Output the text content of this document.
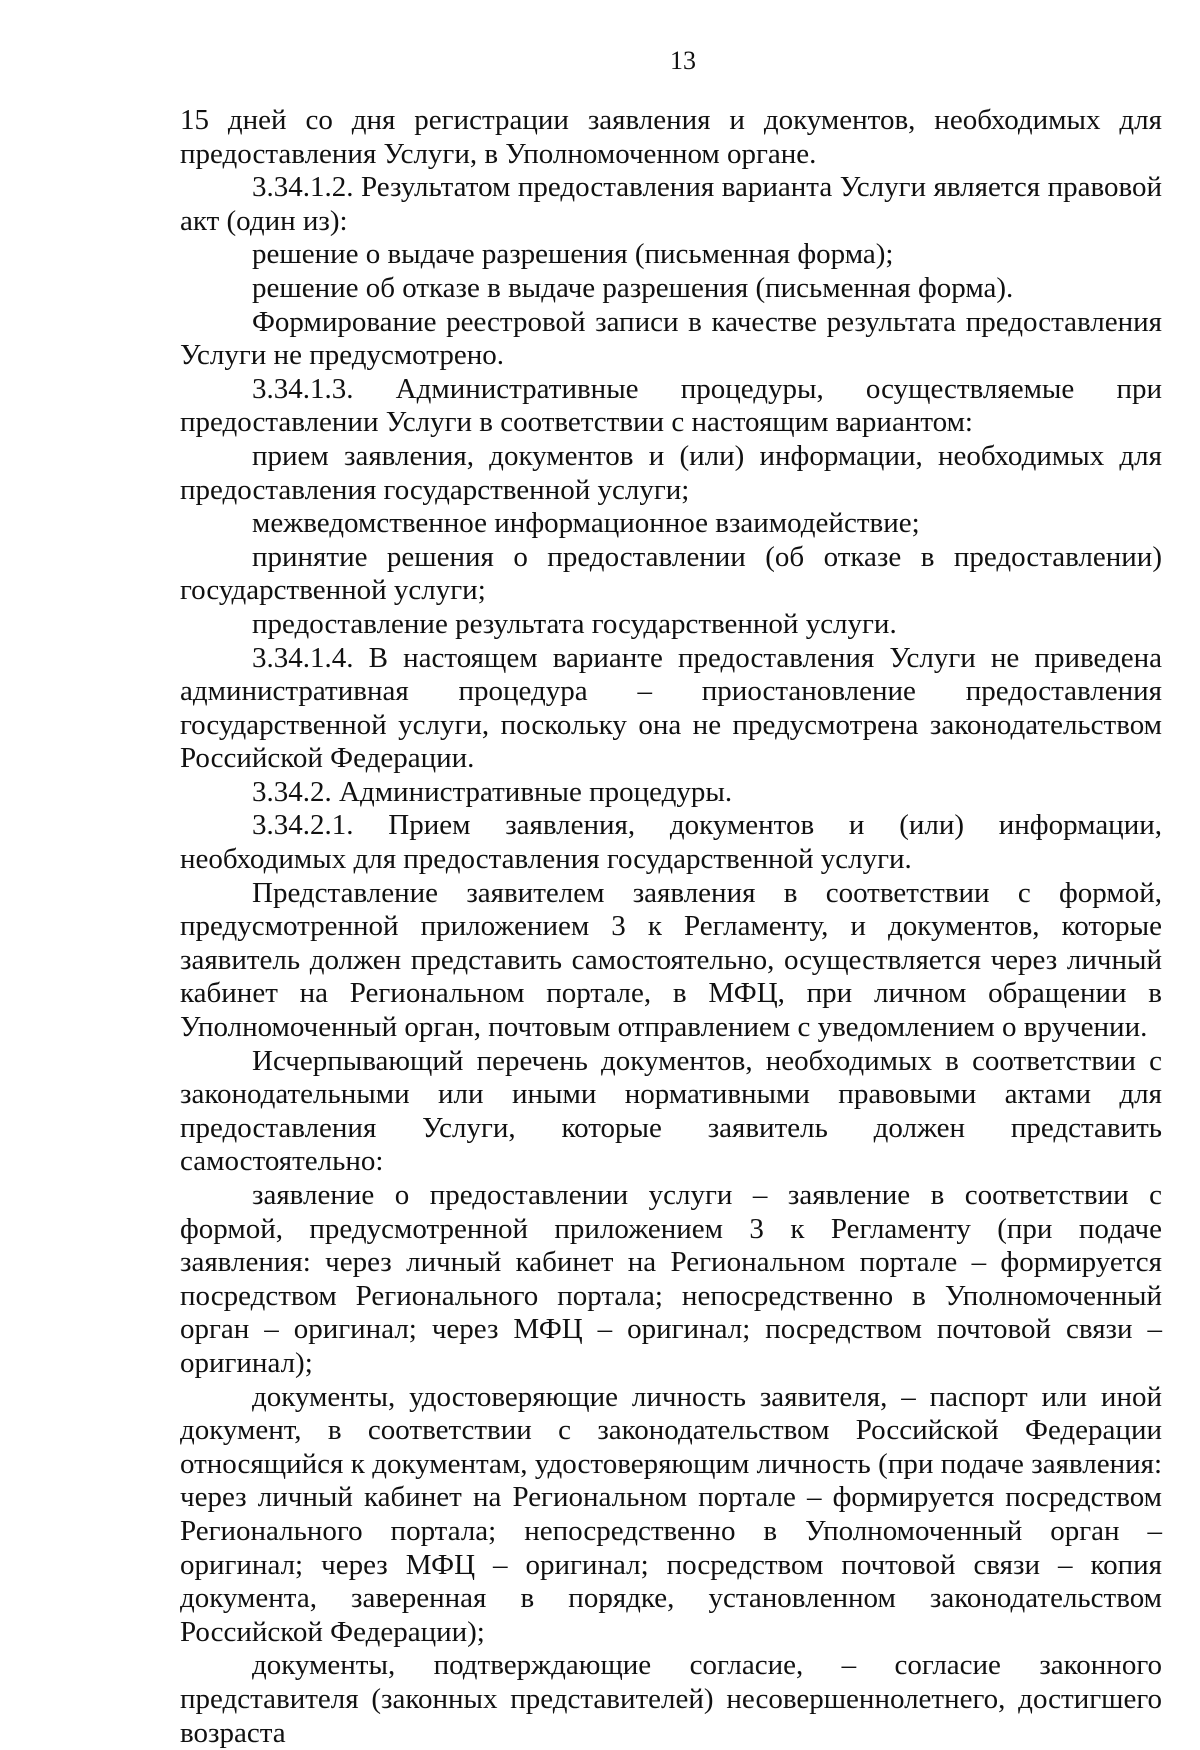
13

15 дней со дня регистрации заявления и документов, необходимых для предоставления Услуги, в Уполномоченном органе.

3.34.1.2. Результатом предоставления варианта Услуги является правовой акт (один из):

решение о выдаче разрешения (письменная форма);

решение об отказе в выдаче разрешения (письменная форма).

Формирование реестровой записи в качестве результата предоставления Услуги не предусмотрено.

3.34.1.3. Административные процедуры, осуществляемые при предоставлении Услуги в соответствии с настоящим вариантом:

прием заявления, документов и (или) информации, необходимых для предоставления государственной услуги;

межведомственное информационное взаимодействие;

принятие решения о предоставлении (об отказе в предоставлении) государственной услуги;

предоставление результата государственной услуги.

3.34.1.4. В настоящем варианте предоставления Услуги не приведена административная процедура – приостановление предоставления государственной услуги, поскольку она не предусмотрена законодательством Российской Федерации.

3.34.2. Административные процедуры.

3.34.2.1. Прием заявления, документов и (или) информации, необходимых для предоставления государственной услуги.

Представление заявителем заявления в соответствии с формой, предусмотренной приложением 3 к Регламенту, и документов, которые заявитель должен представить самостоятельно, осуществляется через личный кабинет на Региональном портале, в МФЦ, при личном обращении в Уполномоченный орган, почтовым отправлением с уведомлением о вручении.

Исчерпывающий перечень документов, необходимых в соответствии с законодательными или иными нормативными правовыми актами для предоставления Услуги, которые заявитель должен представить самостоятельно:

заявление о предоставлении услуги – заявление в соответствии с формой, предусмотренной приложением 3 к Регламенту (при подаче заявления: через личный кабинет на Региональном портале – формируется посредством Регионального портала; непосредственно в Уполномоченный орган – оригинал; через МФЦ – оригинал; посредством почтовой связи – оригинал);

документы, удостоверяющие личность заявителя, – паспорт или иной документ, в соответствии с законодательством Российской Федерации относящийся к документам, удостоверяющим личность (при подаче заявления: через личный кабинет на Региональном портале – формируется посредством Регионального портала; непосредственно в Уполномоченный орган – оригинал; через МФЦ – оригинал; посредством почтовой связи – копия документа, заверенная в порядке, установленном законодательством Российской Федерации);

документы, подтверждающие согласие, – согласие законного представителя (законных представителей) несовершеннолетнего, достигшего возраста
